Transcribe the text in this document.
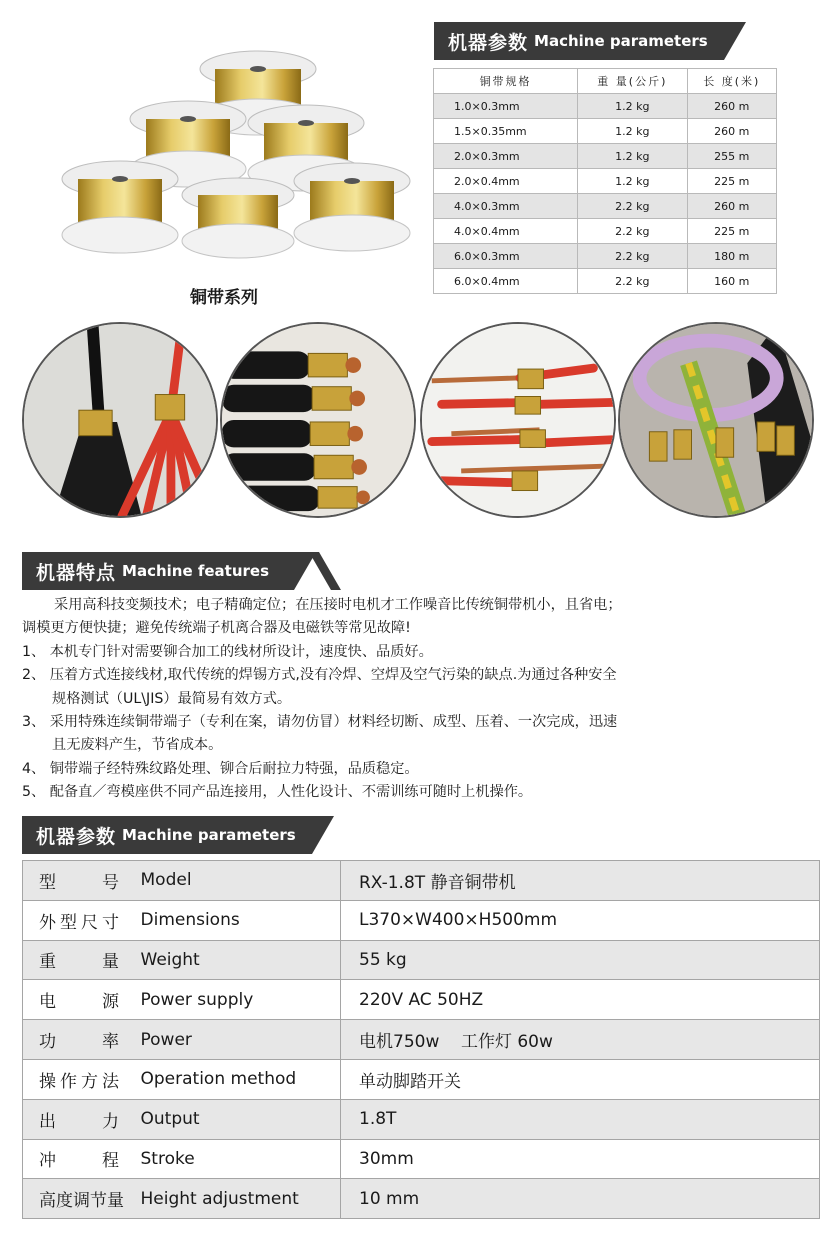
机器参数 Machine parameters
铜带系列
铜带规格	重 量(公斤)	长 度(米)
1.0×0.3mm	1.2 kg	260 m
1.5×0.35mm	1.2 kg	260 m
2.0×0.3mm	1.2 kg	255 m
2.0×0.4mm	1.2 kg	225 m
4.0×0.3mm	2.2 kg	260 m
4.0×0.4mm	2.2 kg	225 m
6.0×0.3mm	2.2 kg	180 m
6.0×0.4mm	2.2 kg	160 m
机器特点 Machine features

采用高科技变频技术；电子精确定位；在压接时电机才工作噪音比传统铜带机小，且省电；

调模更方便快捷；避免传统端子机离合器及电磁铁等常见故障!

1、 本机专门针对需要铆合加工的线材所设计，速度快、品质好。

2、 压着方式连接线材,取代传统的焊锡方式,没有冷焊、空焊及空气污染的缺点.为通过各种安全

规格测试（UL\JIS）最简易有效方式。

3、 采用特殊连续铜带端子（专利在案，请勿仿冒）材料经切断、成型、压着、一次完成，迅速

且无废料产生，节省成本。

4、 铜带端子经特殊纹路处理、铆合后耐拉力特强，品质稳定。

5、 配备直／弯模座供不同产品连接用，人性化设计、不需训练可随时上机操作。

机器参数 Machine parameters
型号	Model	RX-1.8T 静音铜带机
外型尺寸	Dimensions	L370×W400×H500mm
重量	Weight	55 kg
电源	Power supply	220V AC 50HZ
功率	Power	电机750w    工作灯 60w
操作方法	Operation method	单动脚踏开关
出力	Output	1.8T
冲程	Stroke	30mm
高度调节量	Height adjustment	10 mm
